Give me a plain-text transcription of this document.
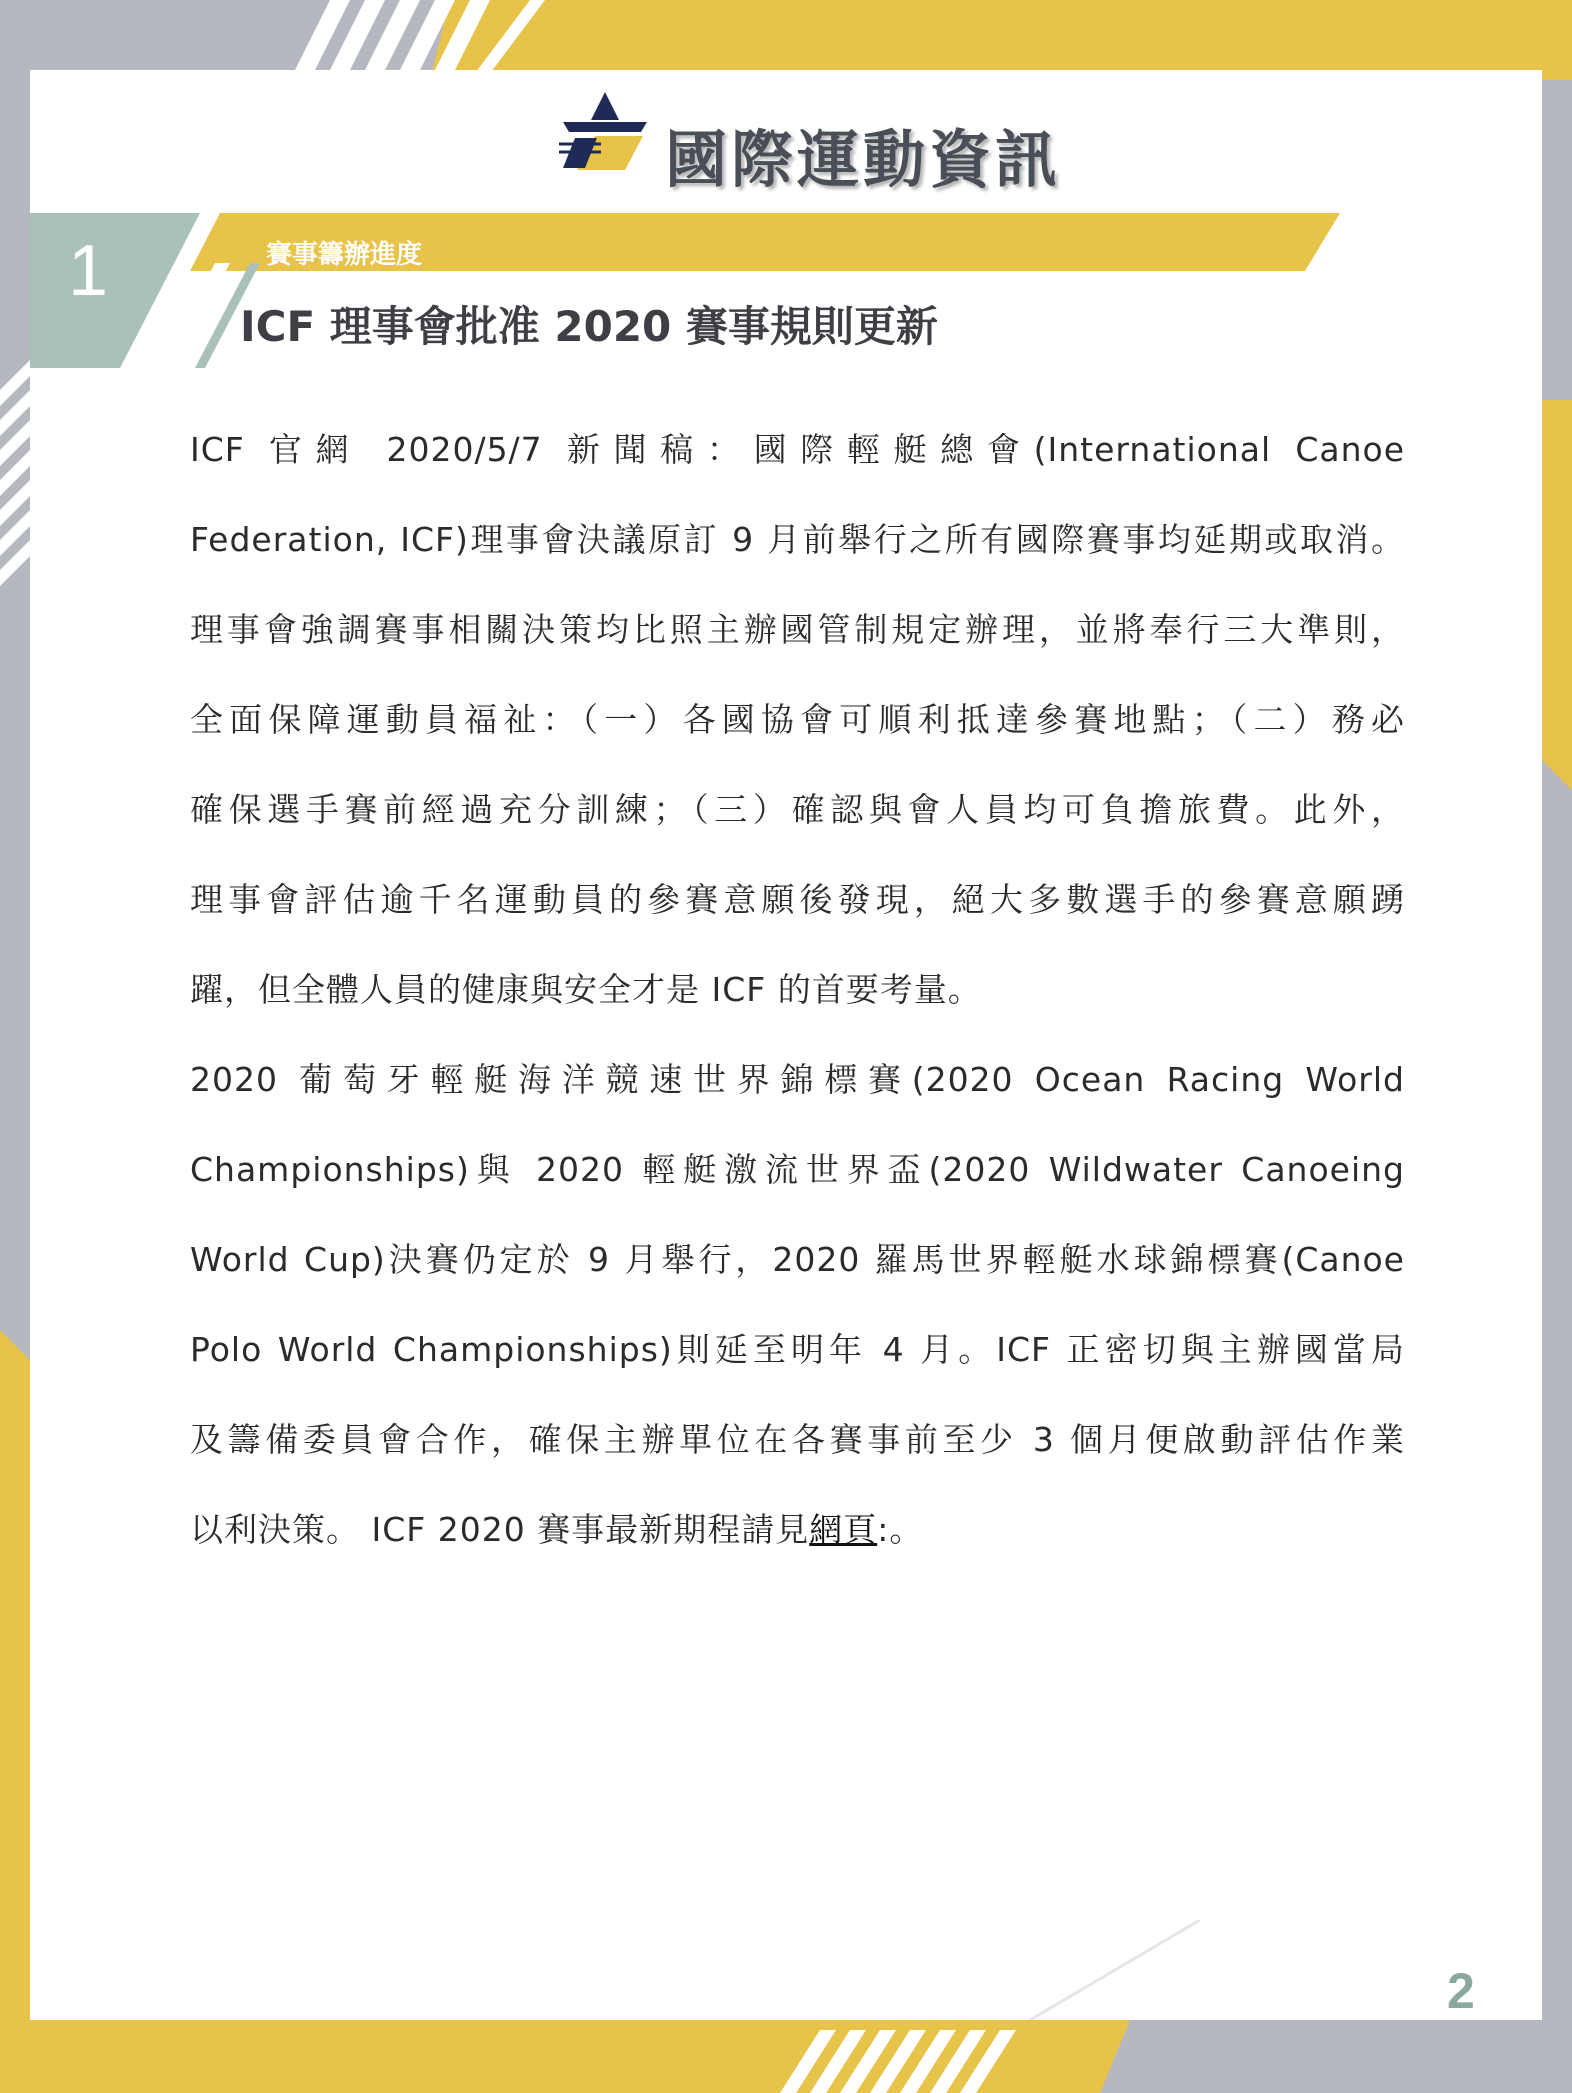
國際運動資訊
1	賽事籌辦進度
ICF 理事會批准 2020 賽事規則更新
ICF 官網 2020/5/7 新聞稿：國際輕艇總會(International Canoe
Federation, ICF)理事會決議原訂 9 月前舉行之所有國際賽事均延期或取消。
理事會強調賽事相關決策均比照主辦國管制規定辦理，並將奉行三大準則，
全面保障運動員福祉：（一）各國協會可順利抵達參賽地點；（二）務必
確保選手賽前經過充分訓練；（三）確認與會人員均可負擔旅費。此外，
理事會評估逾千名運動員的參賽意願後發現，絕大多數選手的參賽意願踴
躍，但全體人員的健康與安全才是 ICF 的首要考量。
2020 葡萄牙輕艇海洋競速世界錦標賽(2020 Ocean Racing World
Championships)與 2020 輕艇激流世界盃(2020 Wildwater Canoeing
World Cup)決賽仍定於 9 月舉行，2020 羅馬世界輕艇水球錦標賽(Canoe
Polo World Championships)則延至明年 4 月。ICF 正密切與主辦國當局
及籌備委員會合作，確保主辦單位在各賽事前至少 3 個月便啟動評估作業
以利決策。 ICF 2020 賽事最新期程請見網頁:。
2
